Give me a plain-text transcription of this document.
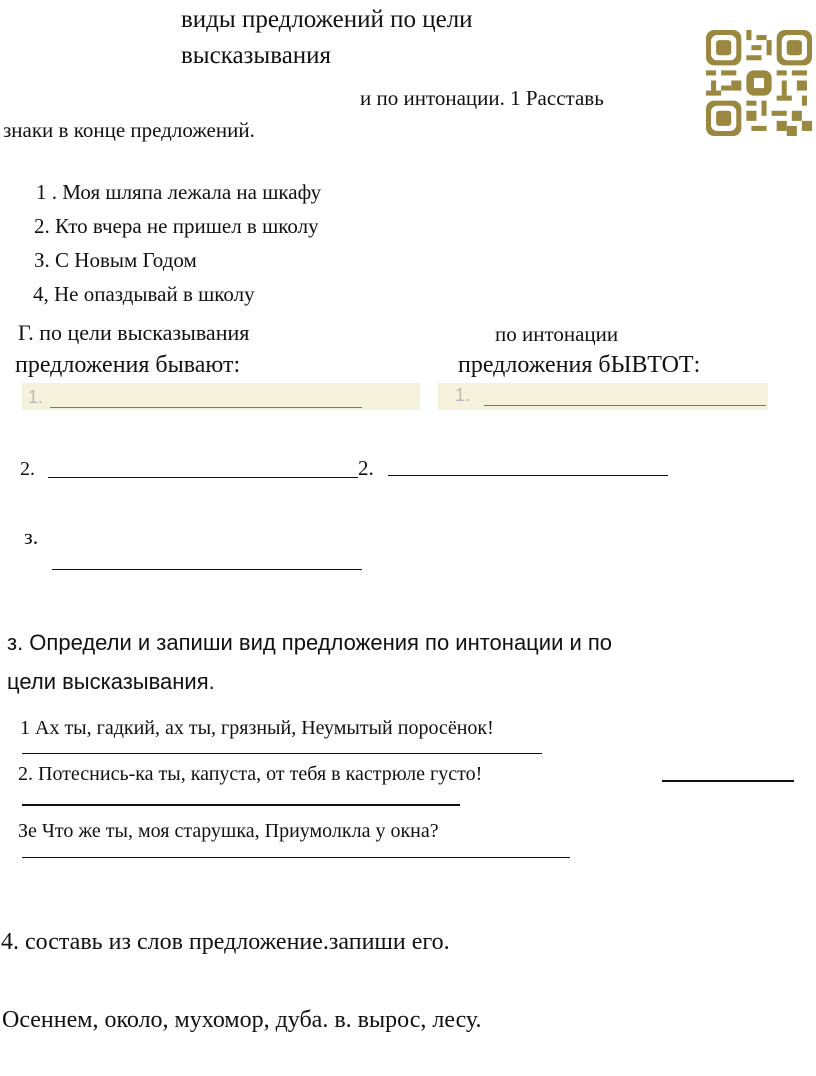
виды предложений по цели
высказывания
и по интонации. 1 Расставь
знаки в конце предложений.
1 . Моя шляпа лежала на шкафу
2. Кто вчера не пришел в школу
З. С Новым Годом
4, Не опаздывай в школу
Г. по цели высказывания
предложения бывают:
по интонации
предложения бЫВТОТ:
1.	1.
2.	2.
з.
з. Определи и запиши вид предложения по интонации и по
цели высказывания.
1 Ах ты, гадкий, ах ты, грязный, Неумытый поросёнок!
2. Потеснись-ка ты, капуста, от тебя в кастрюле густо!
Зе Что же ты, моя старушка, Приумолкла у окна?
4. составь из слов предложение.запиши его.
Осеннем, около, мухомор, дуба. в. вырос, лесу.
